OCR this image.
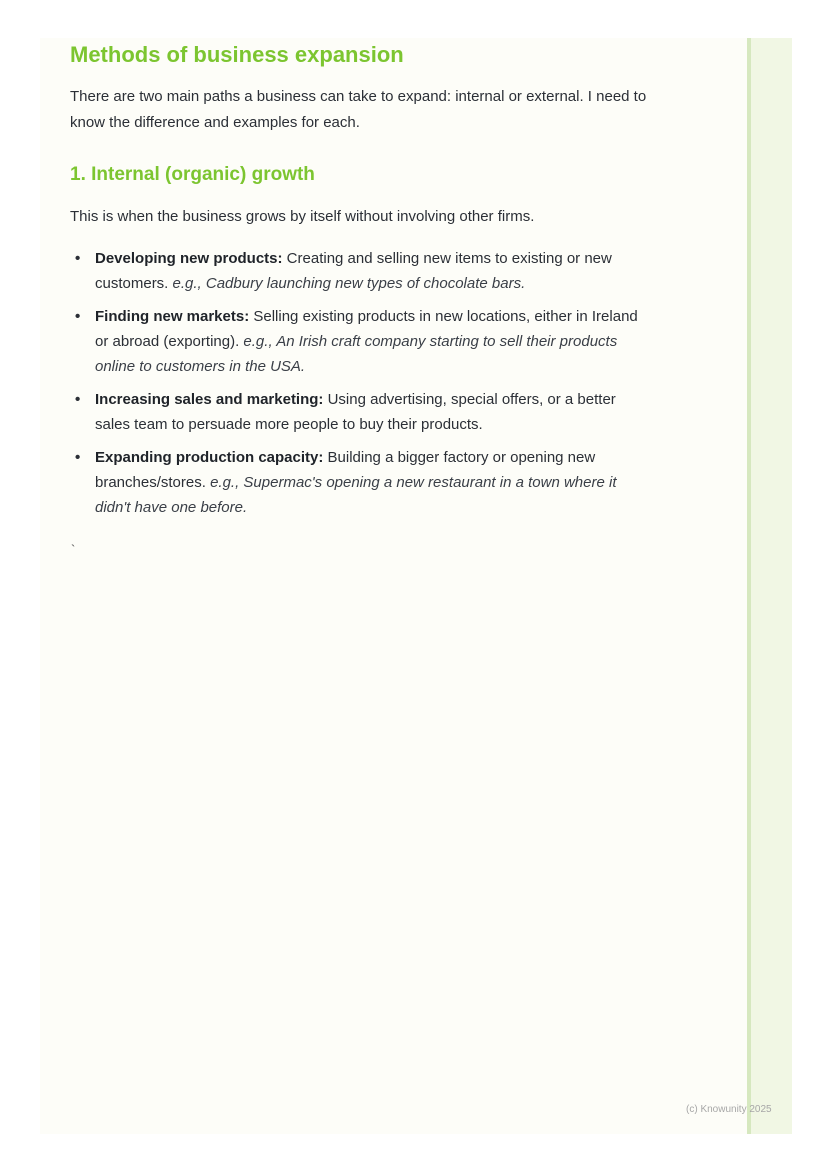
Methods of business expansion

There are two main paths a business can take to expand: internal or external. I need to know the difference and examples for each.

1. Internal (organic) growth

This is when the business grows by itself without involving other firms.

• Developing new products: Creating and selling new items to existing or new customers. e.g., Cadbury launching new types of chocolate bars.
• Finding new markets: Selling existing products in new locations, either in Ireland or abroad (exporting). e.g., An Irish craft company starting to sell their products online to customers in the USA.
• Increasing sales and marketing: Using advertising, special offers, or a better sales team to persuade more people to buy their products.
• Expanding production capacity: Building a bigger factory or opening new branches/stores. e.g., Supermac's opening a new restaurant in a town where it didn't have one before.
`
(c) Knowunity 2025
